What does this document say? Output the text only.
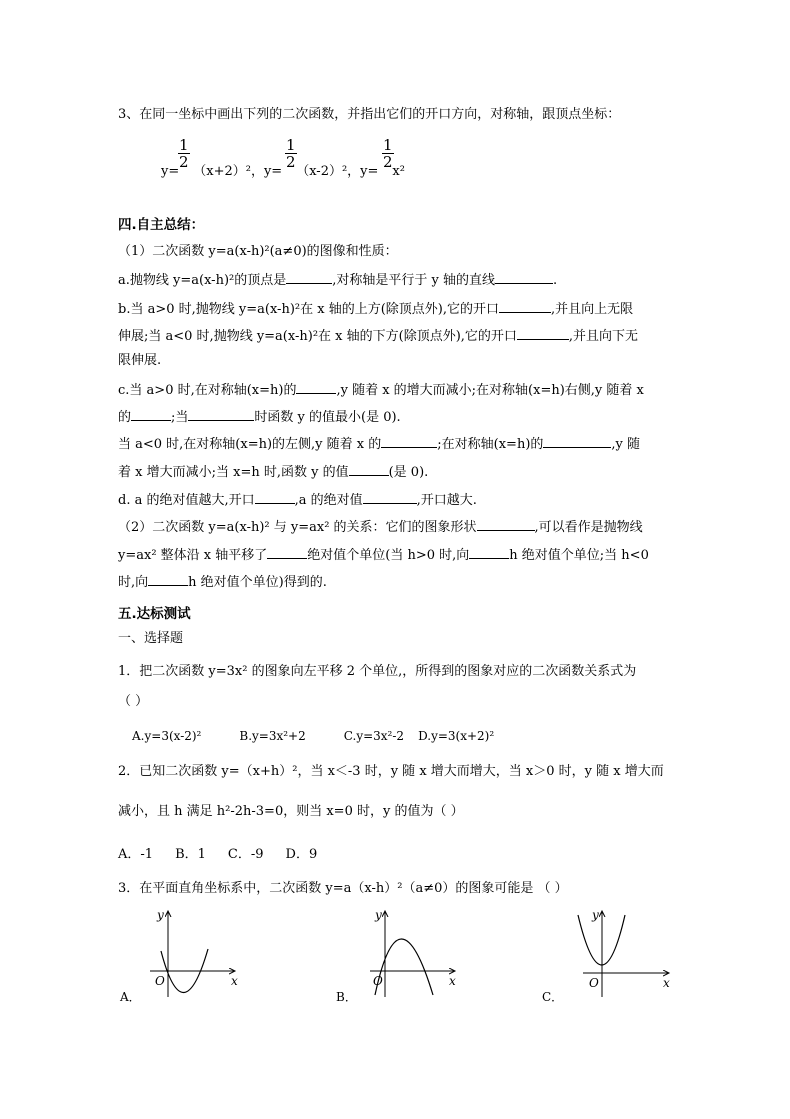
3、在同一坐标中画出下列的二次函数，并指出它们的开口方向，对称轴，跟顶点坐标：
y= （x+2）²，y= （x-2）²，y= x²
$\frac{1}{2}$	$\frac{1}{2}$	$\frac{1}{2}$
四.自主总结：
（1）二次函数 y=a(x-h)²(a≠0)的图像和性质：
a.抛物线 y=a(x-h)²的顶点是	,对称轴是平行于 y 轴的直线	.
b.当 a>0 时,抛物线 y=a(x-h)²在 x 轴的上方(除顶点外),它的开口	,并且向上无限
伸展;当 a<0 时,抛物线 y=a(x-h)²在 x 轴的下方(除顶点外),它的开口	,并且向下无
限伸展.
c.当 a>0 时,在对称轴(x=h)的	,y 随着 x 的增大而减小;在对称轴(x=h)右侧,y 随着 x
的	;当	时函数 y 的值最小(是 0).
当 a<0 时,在对称轴(x=h)的左侧,y 随着 x 的	;在对称轴(x=h)的	,y 随
着 x 增大而减小;当 x=h 时,函数 y 的值	(是 0).
d. a 的绝对值越大,开口	,a 的绝对值	,开口越大.
（2）二次函数 y=a(x-h)² 与 y=ax² 的关系：它们的图象形状	,可以看作是抛物线
y=ax² 整体沿 x 轴平移了	绝对值个单位(当 h>0 时,向	h 绝对值个单位;当 h<0
时,向	h 绝对值个单位)得到的.
五.达标测试
一、选择题
1．把二次函数 y=3x² 的图象向左平移 2 个单位,，所得到的图象对应的二次函数关系式为
（ ）
A.y=3(x-2)²	B.y=3x²+2	C.y=3x²-2 D.y=3(x+2)²
2．已知二次函数 y=（x+h）²，当 x＜-3 时，y 随 x 增大而增大，当 x＞0 时，y 随 x 增大而
减小，且 h 满足 h²-2h-3=0，则当 x=0 时，y 的值为（ ）
A．-1 B．1 C．-9 D．9
3．在平面直角坐标系中，二次函数 y=a（x-h）²（a≠0）的图象可能是 （ ）
y
x
O
A．
y
x
O
B．
y
x
O
C．
